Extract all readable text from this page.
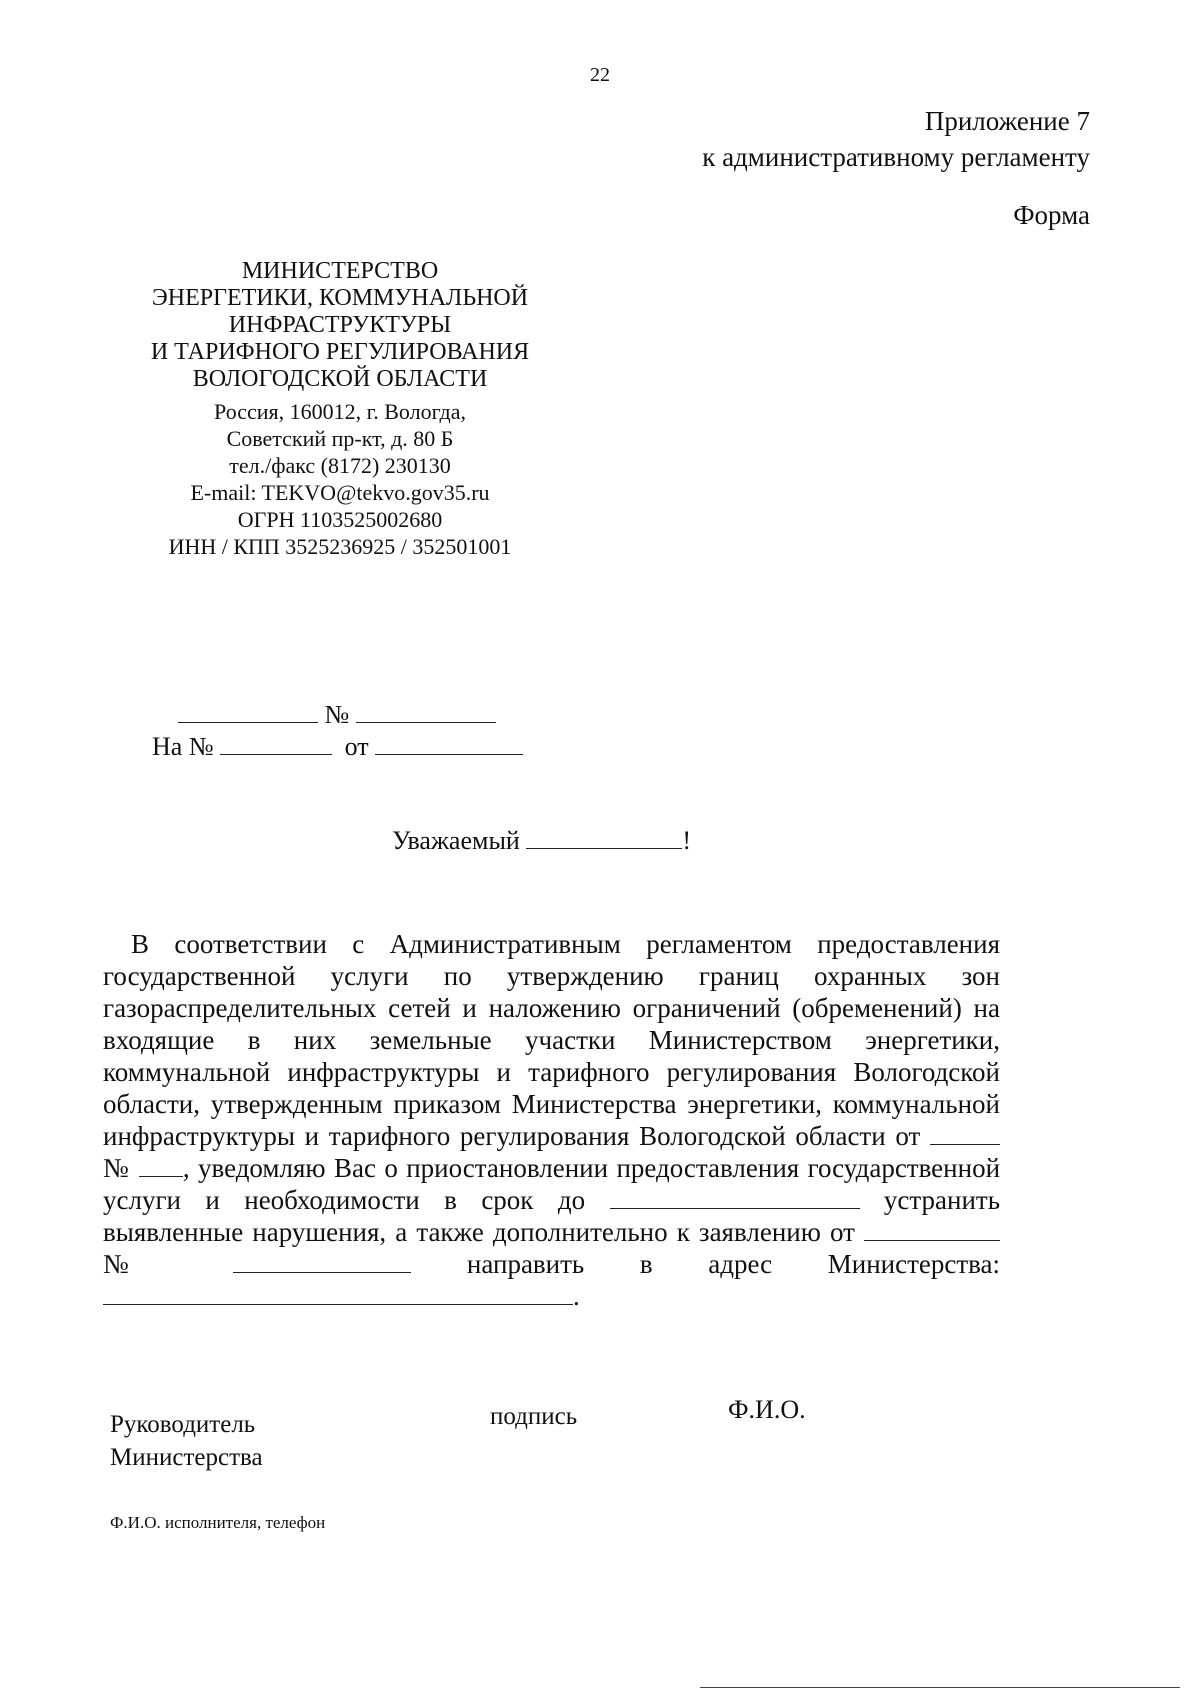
22
Приложение 7
к административному регламенту
Форма
МИНИСТЕРСТВО
ЭНЕРГЕТИКИ, КОММУНАЛЬНОЙ
ИНФРАСТРУКТУРЫ
И ТАРИФНОГО РЕГУЛИРОВАНИЯ
ВОЛОГОДСКОЙ ОБЛАСТИ
Россия, 160012, г. Вологда,
Советский пр-кт, д. 80 Б
тел./факс (8172) 230130
E-mail: TEKVO@tekvo.gov35.ru
ОГРН 1103525002680
ИНН / КПП 3525236925 / 352501001
№
На №	от
Уважаемый	!
В соответствии с Административным регламентом предоставления государственной услуги по утверждению границ охранных зон газораспределительных сетей и наложению ограничений (обременений) на входящие в них земельные участки Министерством энергетики, коммунальной инфраструктуры и тарифного регулирования Вологодской области, утвержденным приказом Министерства энергетики, коммунальной инфраструктуры и тарифного регулирования Вологодской области от  № , уведомляю Вас о приостановлении предоставления государственной услуги и необходимости в срок до	устранить выявленные нарушения, а также дополнительно к заявлению от  №	направить в адрес Министерства: .
Руководитель
Министерства
подпись	Ф.И.О.
Ф.И.О. исполнителя, телефон
